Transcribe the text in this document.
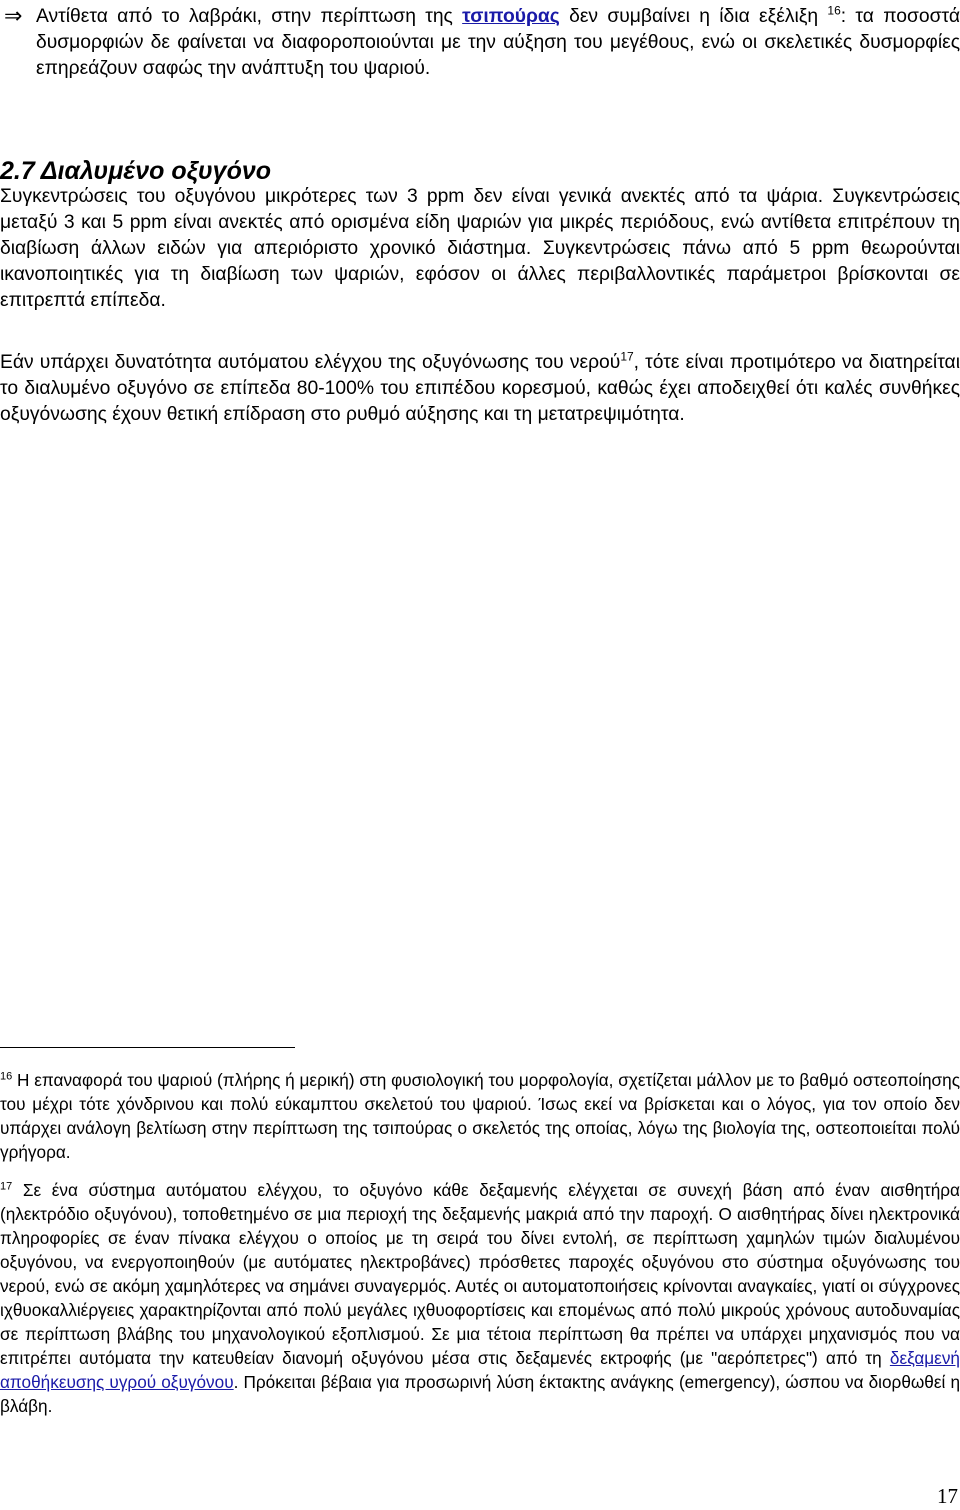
⇒ Αντίθετα από το λαβράκι, στην περίπτωση της τσιπούρας δεν συμβαίνει η ίδια εξέλιξη $^{16}$: τα ποσοστά δυσμορφιών δε φαίνεται να διαφοροποιούνται με την αύξηση του μεγέθους, ενώ οι σκελετικές δυσμορφίες επηρεάζουν σαφώς την ανάπτυξη του ψαριού.

2.7 Διαλυμένο οξυγόνο

Συγκεντρώσεις του οξυγόνου μικρότερες των 3 ppm δεν είναι γενικά ανεκτές από τα ψάρια. Συγκεντρώσεις μεταξύ 3 και 5 ppm είναι ανεκτές από ορισμένα είδη ψαριών για μικρές περιόδους, ενώ αντίθετα επιτρέπουν τη διαβίωση άλλων ειδών για απεριόριστο χρονικό διάστημα. Συγκεντρώσεις πάνω από 5 ppm θεωρούνται ικανοποιητικές για τη διαβίωση των ψαριών, εφόσον οι άλλες περιβαλλοντικές παράμετροι βρίσκονται σε επιτρεπτά επίπεδα.

Εάν υπάρχει δυνατότητα αυτόματου ελέγχου της οξυγόνωσης του νερού$^{17}$, τότε είναι προτιμότερο να διατηρείται το διαλυμένο οξυγόνο σε επίπεδα 80-100% του επιπέδου κορεσμού, καθώς έχει αποδειχθεί ότι καλές συνθήκες οξυγόνωσης έχουν θετική επίδραση στο ρυθμό αύξησης και τη μετατρεψιμότητα.

$^{16}$ Η επαναφορά του ψαριού (πλήρης ή μερική) στη φυσιολογική του μορφολογία, σχετίζεται μάλλον με το βαθμό οστεοποίησης του μέχρι τότε χόνδρινου και πολύ εύκαμπτου σκελετού του ψαριού. Ίσως εκεί να βρίσκεται και ο λόγος, για τον οποίο δεν υπάρχει ανάλογη βελτίωση στην περίπτωση της τσιπούρας ο σκελετός της οποίας, λόγω της βιολογία της, οστεοποιείται πολύ γρήγορα.

$^{17}$ Σε ένα σύστημα αυτόματου ελέγχου, το οξυγόνο κάθε δεξαμενής ελέγχεται σε συνεχή βάση από έναν αισθητήρα (ηλεκτρόδιο οξυγόνου), τοποθετημένο σε μια περιοχή της δεξαμενής μακριά από την παροχή. Ο αισθητήρας δίνει ηλεκτρονικά πληροφορίες σε έναν πίνακα ελέγχου ο οποίος με τη σειρά του δίνει εντολή, σε περίπτωση χαμηλών τιμών διαλυμένου οξυγόνου, να ενεργοποιηθούν (με αυτόματες ηλεκτροβάνες) πρόσθετες παροχές οξυγόνου στο σύστημα οξυγόνωσης του νερού, ενώ σε ακόμη χαμηλότερες να σημάνει συναγερμός. Αυτές οι αυτοματοποιήσεις κρίνονται αναγκαίες, γιατί οι σύγχρονες ιχθυοκαλλιέργειες χαρακτηρίζονται από πολύ μεγάλες ιχθυοφορτίσεις και επομένως από πολύ μικρούς χρόνους αυτοδυναμίας σε περίπτωση βλάβης του μηχανολογικού εξοπλισμού. Σε μια τέτοια περίπτωση θα πρέπει να υπάρχει μηχανισμός που να επιτρέπει αυτόματα την κατευθείαν διανομή οξυγόνου μέσα στις δεξαμενές εκτροφής (με "αερόπετρες") από τη δεξαμενή αποθήκευσης υγρού οξυγόνου. Πρόκειται βέβαια για προσωρινή λύση έκτακτης ανάγκης (emergency), ώσπου να διορθωθεί η βλάβη.

17
